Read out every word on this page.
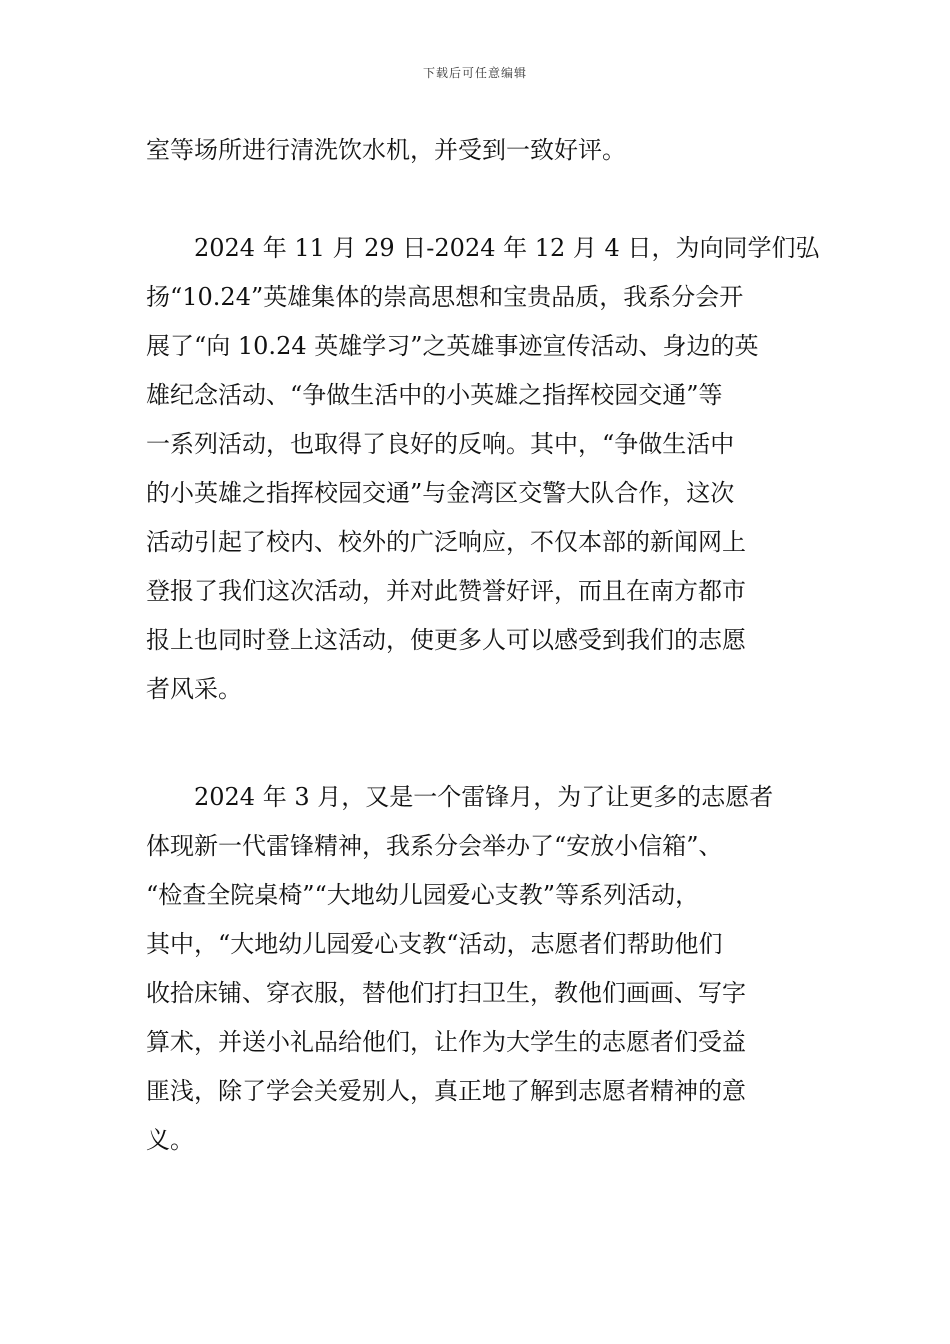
下载后可任意编辑
室等场所进行清洗饮水机，并受到一致好评。
　　2024 年 11 月 29 日-2024 年 12 月 4 日，为向同学们弘
扬“10.24”英雄集体的崇高思想和宝贵品质，我系分会开
展了“向 10.24 英雄学习”之英雄事迹宣传活动、身边的英
雄纪念活动、“争做生活中的小英雄之指挥校园交通”等
一系列活动，也取得了良好的反响。其中，“争做生活中
的小英雄之指挥校园交通”与金湾区交警大队合作，这次
活动引起了校内、校外的广泛响应，不仅本部的新闻网上
登报了我们这次活动，并对此赞誉好评，而且在南方都市
报上也同时登上这活动，使更多人可以感受到我们的志愿
者风采。
　　2024 年 3 月，又是一个雷锋月，为了让更多的志愿者
体现新一代雷锋精神，我系分会举办了“安放小信箱”、
“检查全院桌椅”“大地幼儿园爱心支教”等系列活动，
其中，“大地幼儿园爱心支教“活动，志愿者们帮助他们
收拾床铺、穿衣服，替他们打扫卫生，教他们画画、写字
算术，并送小礼品给他们，让作为大学生的志愿者们受益
匪浅，除了学会关爱别人，真正地了解到志愿者精神的意
义。
